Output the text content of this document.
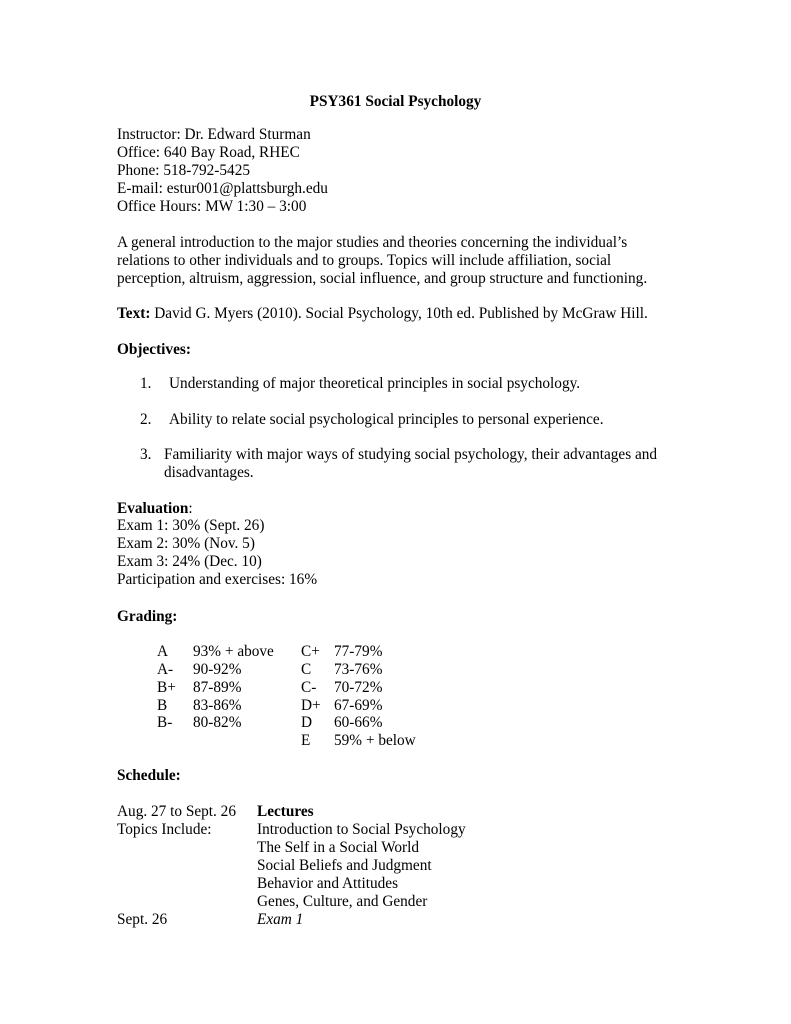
PSY361 Social Psychology
Instructor: Dr. Edward Sturman
Office: 640 Bay Road, RHEC
Phone: 518-792-5425
E-mail: estur001@plattsburgh.edu
Office Hours: MW 1:30 – 3:00
A general introduction to the major studies and theories concerning the individual’s
relations to other individuals and to groups. Topics will include affiliation, social
perception, altruism, aggression, social influence, and group structure and functioning.
Text: David G. Myers (2010). Social Psychology, 10th ed. Published by McGraw Hill.
Objectives:
1. Understanding of major theoretical principles in social psychology.
2. Ability to relate social psychological principles to personal experience.
3. Familiarity with major ways of studying social psychology, their advantages and
disadvantages.
Evaluation:
Exam 1: 30% (Sept. 26)
Exam 2: 30% (Nov. 5)
Exam 3: 24% (Dec. 10)
Participation and exercises: 16%
Grading:
A 93% + above
A- 90-92%
B+ 87-89%
B 83-86%
B- 80-82%
C+ 77-79%
C 73-76%
C- 70-72%
D+ 67-69%
D 60-66%
E 59% + below
Schedule:
Aug. 27 to Sept. 26 Lectures
Topics Include:	Introduction to Social Psychology
The Self in a Social World
Social Beliefs and Judgment
Behavior and Attitudes
Genes, Culture, and Gender
Sept. 26	Exam 1
